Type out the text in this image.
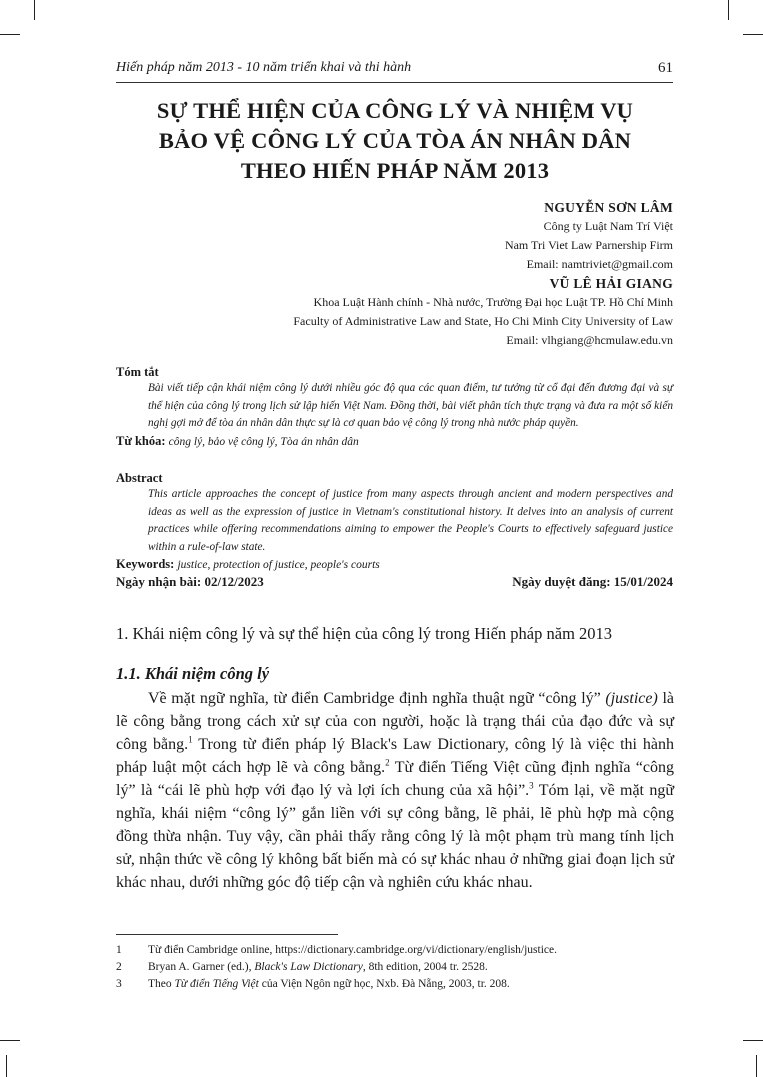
Hiến pháp năm 2013 - 10 năm triển khai và thi hành	61
SỰ THỂ HIỆN CỦA CÔNG LÝ VÀ NHIỆM VỤ
BẢO VỆ CÔNG LÝ CỦA TÒA ÁN NHÂN DÂN
THEO HIẾN PHÁP NĂM 2013
NGUYỄN SƠN LÂM
Công ty Luật Nam Trí Việt
Nam Tri Viet Law Parnership Firm
Email: namtriviet@gmail.com
VŨ LÊ HẢI GIANG
Khoa Luật Hành chính - Nhà nước, Trường Đại học Luật TP. Hồ Chí Minh
Faculty of Administrative Law and State, Ho Chi Minh City University of Law
Email: vlhgiang@hcmulaw.edu.vn
Tóm tắt
Bài viết tiếp cận khái niệm công lý dưới nhiều góc độ qua các quan điểm, tư tưởng từ cổ đại đến đương đại và sự thể hiện của công lý trong lịch sử lập hiến Việt Nam. Đồng thời, bài viết phân tích thực trạng và đưa ra một số kiến nghị gợi mở để tòa án nhân dân thực sự là cơ quan bảo vệ công lý trong nhà nước pháp quyền.
Từ khóa: công lý, bảo vệ công lý, Tòa án nhân dân
Abstract
This article approaches the concept of justice from many aspects through ancient and modern perspectives and ideas as well as the expression of justice in Vietnam's constitutional history. It delves into an analysis of current practices while offering recommendations aiming to empower the People's Courts to effectively safeguard justice within a rule-of-law state.
Keywords: justice, protection of justice, people's courts
Ngày nhận bài: 02/12/2023	Ngày duyệt đăng: 15/01/2024
1. Khái niệm công lý và sự thể hiện của công lý trong Hiến pháp năm 2013
1.1. Khái niệm công lý
Về mặt ngữ nghĩa, từ điển Cambridge định nghĩa thuật ngữ “công lý” (justice) là lẽ công bằng trong cách xử sự của con người, hoặc là trạng thái của đạo đức và sự công bằng.$^1$ Trong từ điển pháp lý Black's Law Dictionary, công lý là việc thi hành pháp luật một cách hợp lẽ và công bằng.$^2$ Từ điển Tiếng Việt cũng định nghĩa “công lý” là “cái lẽ phù hợp với đạo lý và lợi ích chung của xã hội”.$^3$ Tóm lại, về mặt ngữ nghĩa, khái niệm “công lý” gắn liền với sự công bằng, lẽ phải, lẽ phù hợp mà cộng đồng thừa nhận. Tuy vậy, cần phải thấy rằng công lý là một phạm trù mang tính lịch sử, nhận thức về công lý không bất biến mà có sự khác nhau ở những giai đoạn lịch sử khác nhau, dưới những góc độ tiếp cận và nghiên cứu khác nhau.
1 Từ điển Cambridge online, https://dictionary.cambridge.org/vi/dictionary/english/justice.
2 Bryan A. Garner (ed.), Black's Law Dictionary, 8th edition, 2004 tr. 2528.
3 Theo Từ điển Tiếng Việt của Viện Ngôn ngữ học, Nxb. Đà Nẵng, 2003, tr. 208.
